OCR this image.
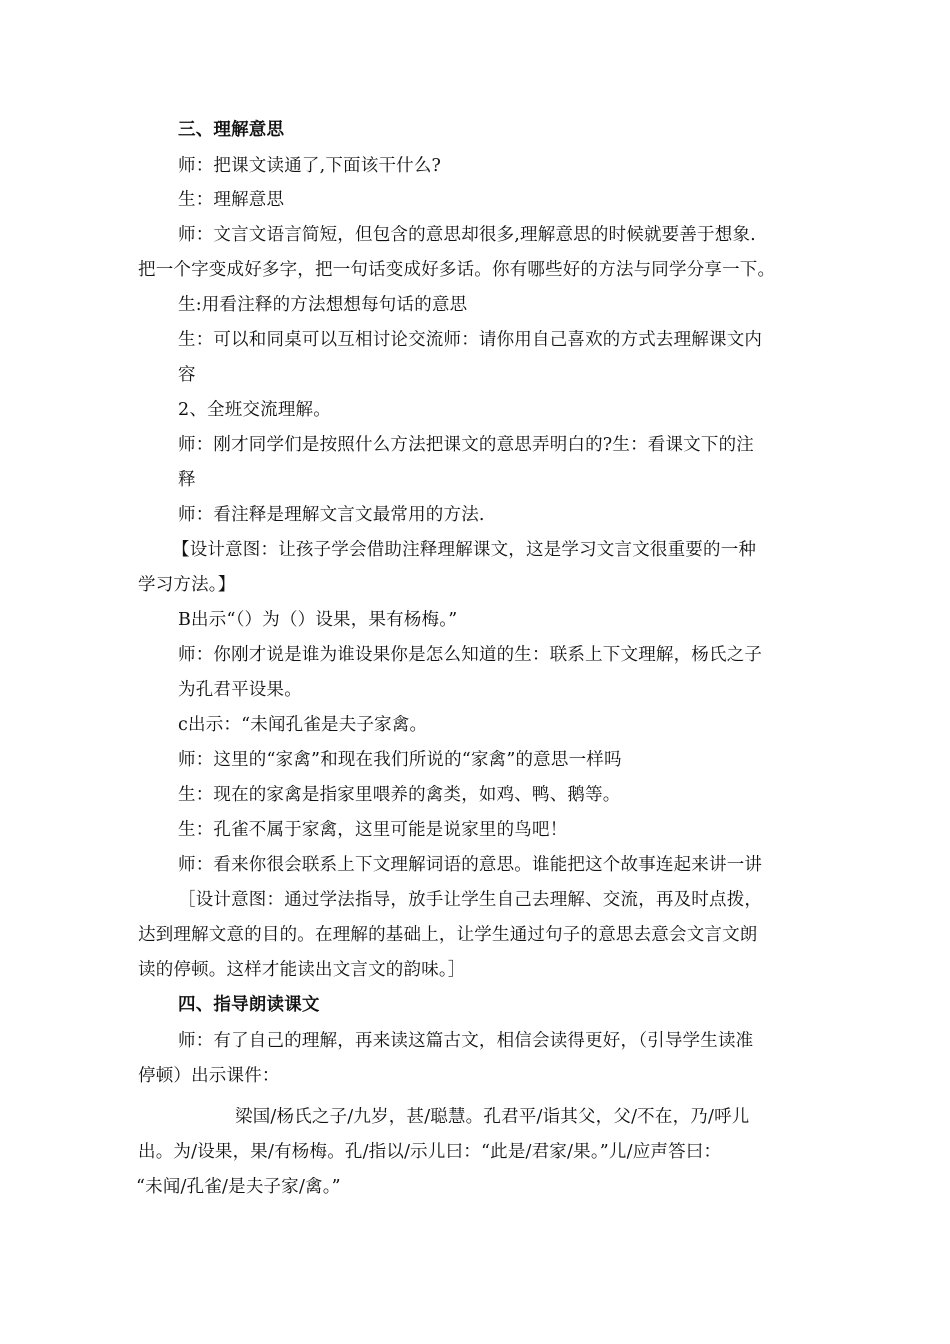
三、理解意思
师：把课文读通了,下面该干什么?
生：理解意思
师：文言文语言简短，但包含的意思却很多,理解意思的时候就要善于想象.
把一个字变成好多字，把一句话变成好多话。你有哪些好的方法与同学分享一下。
生:用看注释的方法想想每句话的意思
生：可以和同桌可以互相讨论交流师：请你用自己喜欢的方式去理解课文内
容
2、全班交流理解。
师：刚才同学们是按照什么方法把课文的意思弄明白的?生：看课文下的注
释
师：看注释是理解文言文最常用的方法.
【设计意图：让孩子学会借助注释理解课文，这是学习文言文很重要的一种
学习方法。】
B出示“（）为（）设果，果有杨梅。”
师：你刚才说是谁为谁设果你是怎么知道的生：联系上下文理解，杨氏之子
为孔君平设果。
c出示：“未闻孔雀是夫子家禽。
师：这里的“家禽”和现在我们所说的“家禽”的意思一样吗
生：现在的家禽是指家里喂养的禽类，如鸡、鸭、鹅等。
生：孔雀不属于家禽，这里可能是说家里的鸟吧！
师：看来你很会联系上下文理解词语的意思。谁能把这个故事连起来讲一讲
［设计意图：通过学法指导，放手让学生自己去理解、交流，再及时点拨，
达到理解文意的目的。在理解的基础上，让学生通过句子的意思去意会文言文朗
读的停顿。这样才能读出文言文的韵味。］
四、指导朗读课文
师：有了自己的理解，再来读这篇古文，相信会读得更好，（引导学生读准
停顿）出示课件：
梁国/杨氏之子/九岁，甚/聪慧。孔君平/诣其父，父/不在，乃/呼儿
出。为/设果，果/有杨梅。孔/指以/示儿曰：“此是/君家/果。”儿/应声答曰：
“未闻/孔雀/是夫子家/禽。”
